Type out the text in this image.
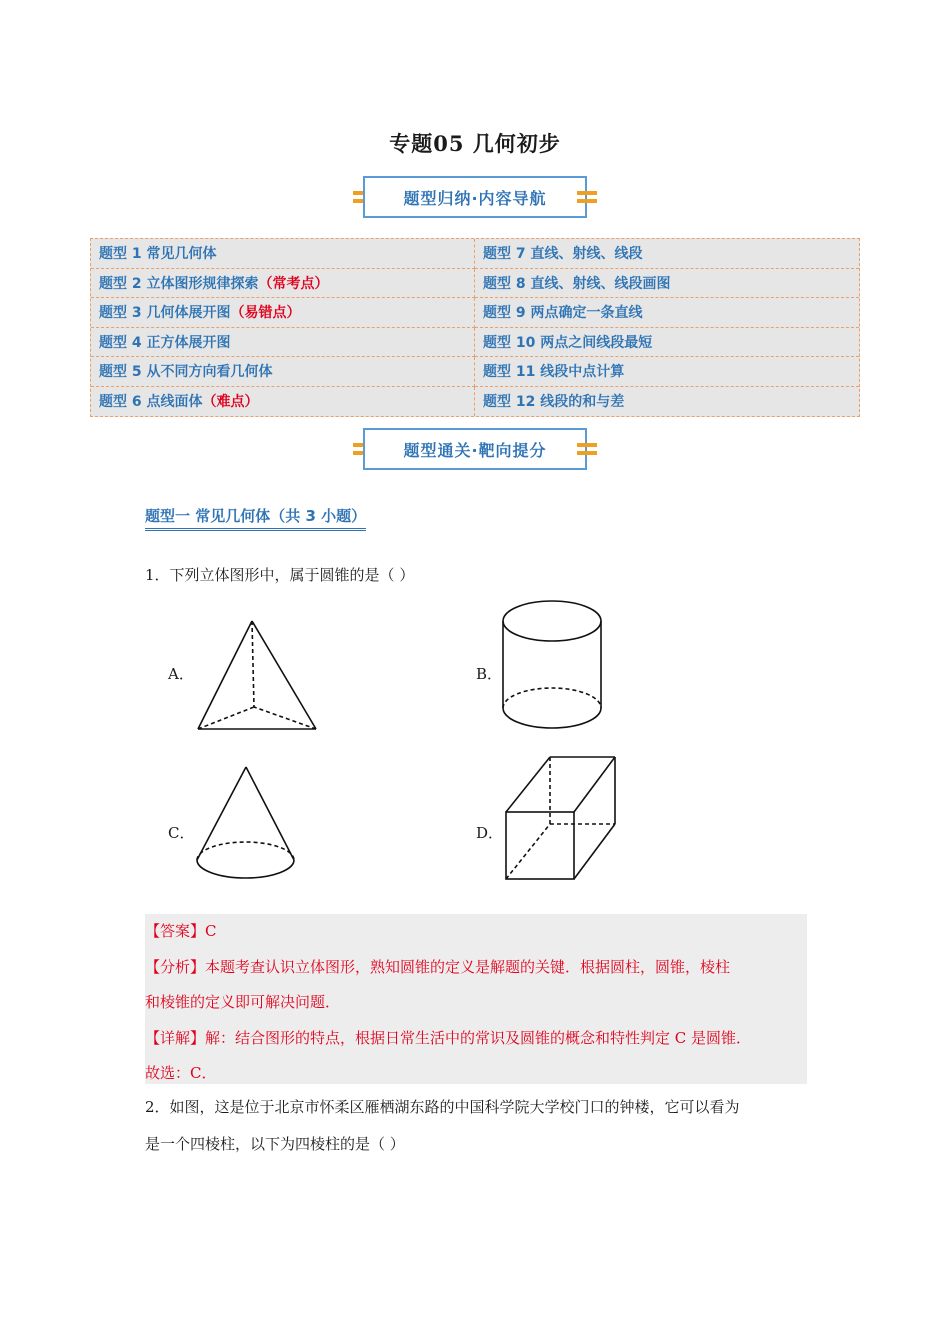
专题05 几何初步
题型归纳·内容导航
题型 1 常见几何体	题型 7 直线、射线、线段
题型 2 立体图形规律探索 （常考点）	题型 8 直线、射线、线段画图
题型 3 几何体展开图 （易错点）	题型 9 两点确定一条直线
题型 4 正方体展开图	题型 10 两点之间线段最短
题型 5 从不同方向看几何体	题型 11 线段中点计算
题型 6 点线面体 （难点）	题型 12 线段的和与差
题型通关·靶向提分
题型一 常见几何体（共 3 小题）
1．下列立体图形中，属于圆锥的是（ ）
A．	B．
C．	D．
【答案】C
【分析】本题考查认识立体图形，熟知圆锥的定义是解题的关键．根据圆柱，圆锥，棱柱
和棱锥的定义即可解决问题．
【详解】解：结合图形的特点，根据日常生活中的常识及圆锥的概念和特性判定 C 是圆锥．
故选：C．
2．如图，这是位于北京市怀柔区雁栖湖东路的中国科学院大学校门口的钟楼，它可以看为
是一个四棱柱，以下为四棱柱的是（ ）
